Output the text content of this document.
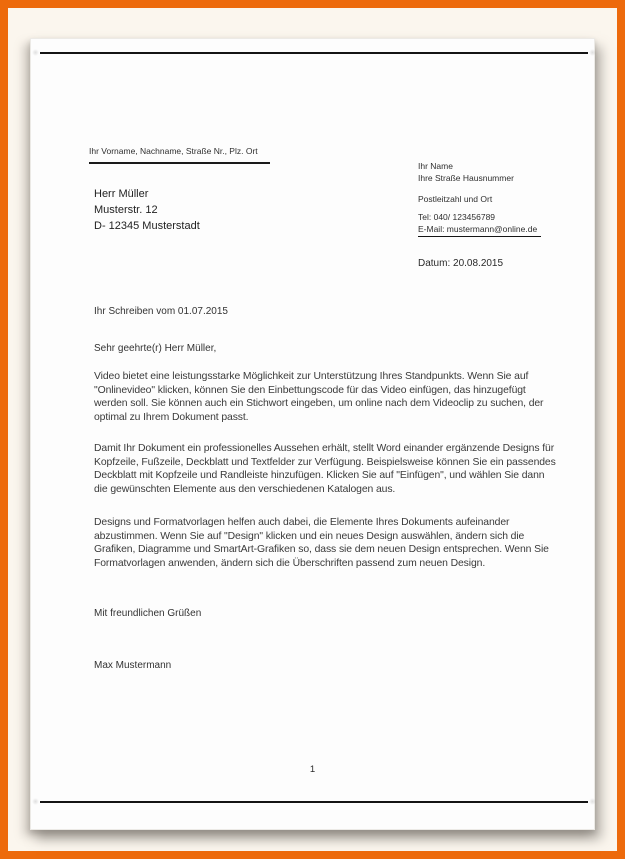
Ihr Vorname, Nachname, Straße Nr., Plz. Ort
Herr Müller
Musterstr. 12
D- 12345 Musterstadt
Ihr Name
Ihre Straße Hausnummer
Postleitzahl und Ort
Tel: 040/ 123456789
E-Mail: mustermann@online.de
Datum: 20.08.2015
Ihr Schreiben vom 01.07.2015
Sehr geehrte(r) Herr Müller,
Video bietet eine leistungsstarke Möglichkeit zur Unterstützung Ihres Standpunkts. Wenn Sie auf "Onlinevideo" klicken, können Sie den Einbettungscode für das Video einfügen, das hinzugefügt werden soll. Sie können auch ein Stichwort eingeben, um online nach dem Videoclip zu suchen, der optimal zu Ihrem Dokument passt.
Damit Ihr Dokument ein professionelles Aussehen erhält, stellt Word einander ergänzende Designs für Kopfzeile, Fußzeile, Deckblatt und Textfelder zur Verfügung. Beispielsweise können Sie ein passendes Deckblatt mit Kopfzeile und Randleiste hinzufügen. Klicken Sie auf "Einfügen", und wählen Sie dann die gewünschten Elemente aus den verschiedenen Katalogen aus.
Designs und Formatvorlagen helfen auch dabei, die Elemente Ihres Dokuments aufeinander abzustimmen. Wenn Sie auf "Design" klicken und ein neues Design auswählen, ändern sich die Grafiken, Diagramme und SmartArt-Grafiken so, dass sie dem neuen Design entsprechen. Wenn Sie Formatvorlagen anwenden, ändern sich die Überschriften passend zum neuen Design.
Mit freundlichen Grüßen
Max Mustermann
1
